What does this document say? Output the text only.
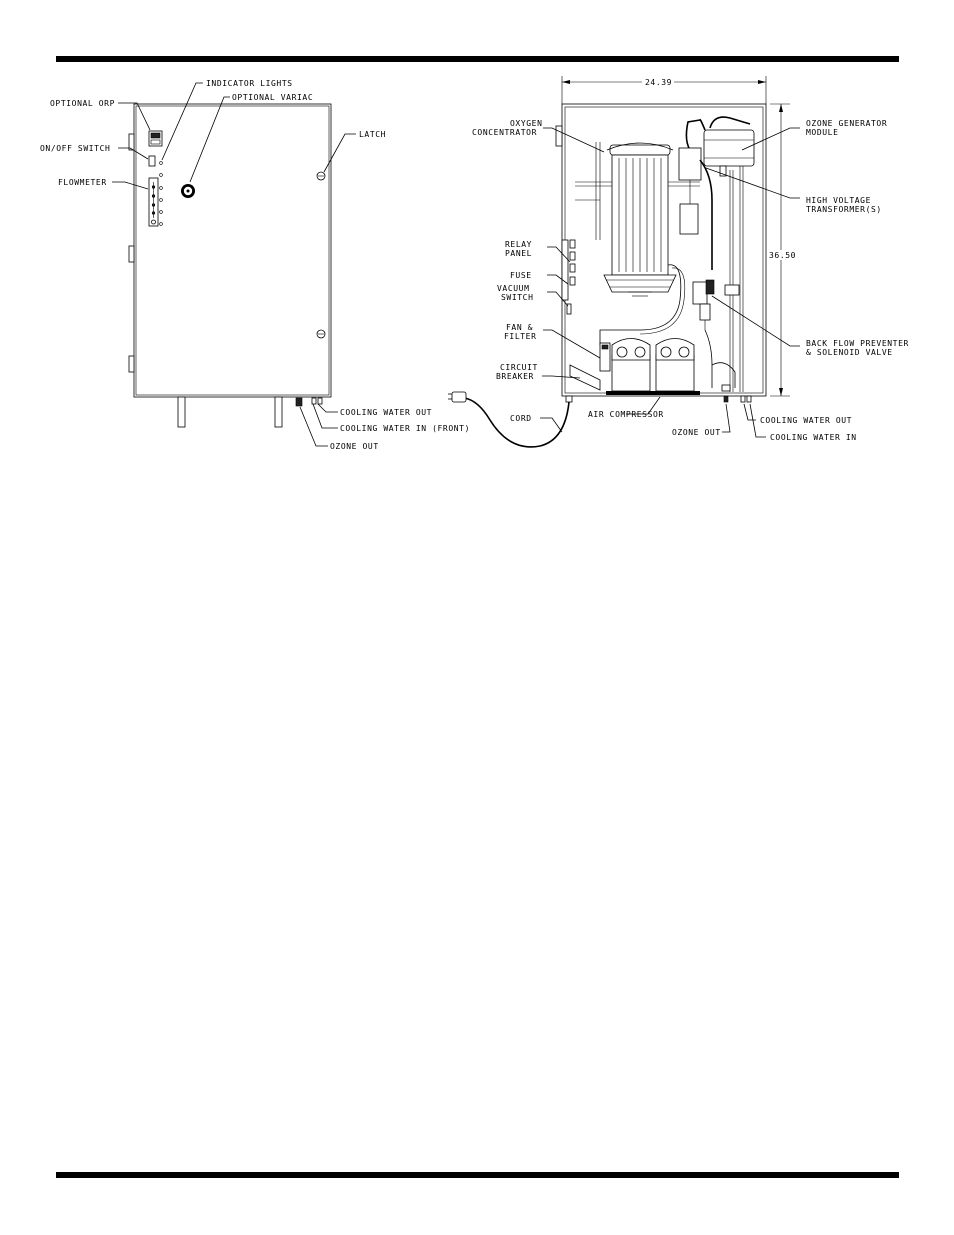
OPTIONAL ORP
INDICATOR LIGHTS
OPTIONAL VARIAC
ON/OFF SWITCH
FLOWMETER
LATCH
COOLING WATER OUT
COOLING WATER IN (FRONT)
OZONE OUT
24.39
36.50
OXYGEN
CONCENTRATOR
OZONE GENERATOR
MODULE
HIGH VOLTAGE
TRANSFORMER(S)
RELAY
PANEL
FUSE
VACUUM
SWITCH
FAN &
FILTER
BACK FLOW PREVENTER
& SOLENOID VALVE
CIRCUIT
BREAKER
CORD	AIR COMPRESSOR
OZONE OUT
COOLING WATER OUT
COOLING WATER IN
